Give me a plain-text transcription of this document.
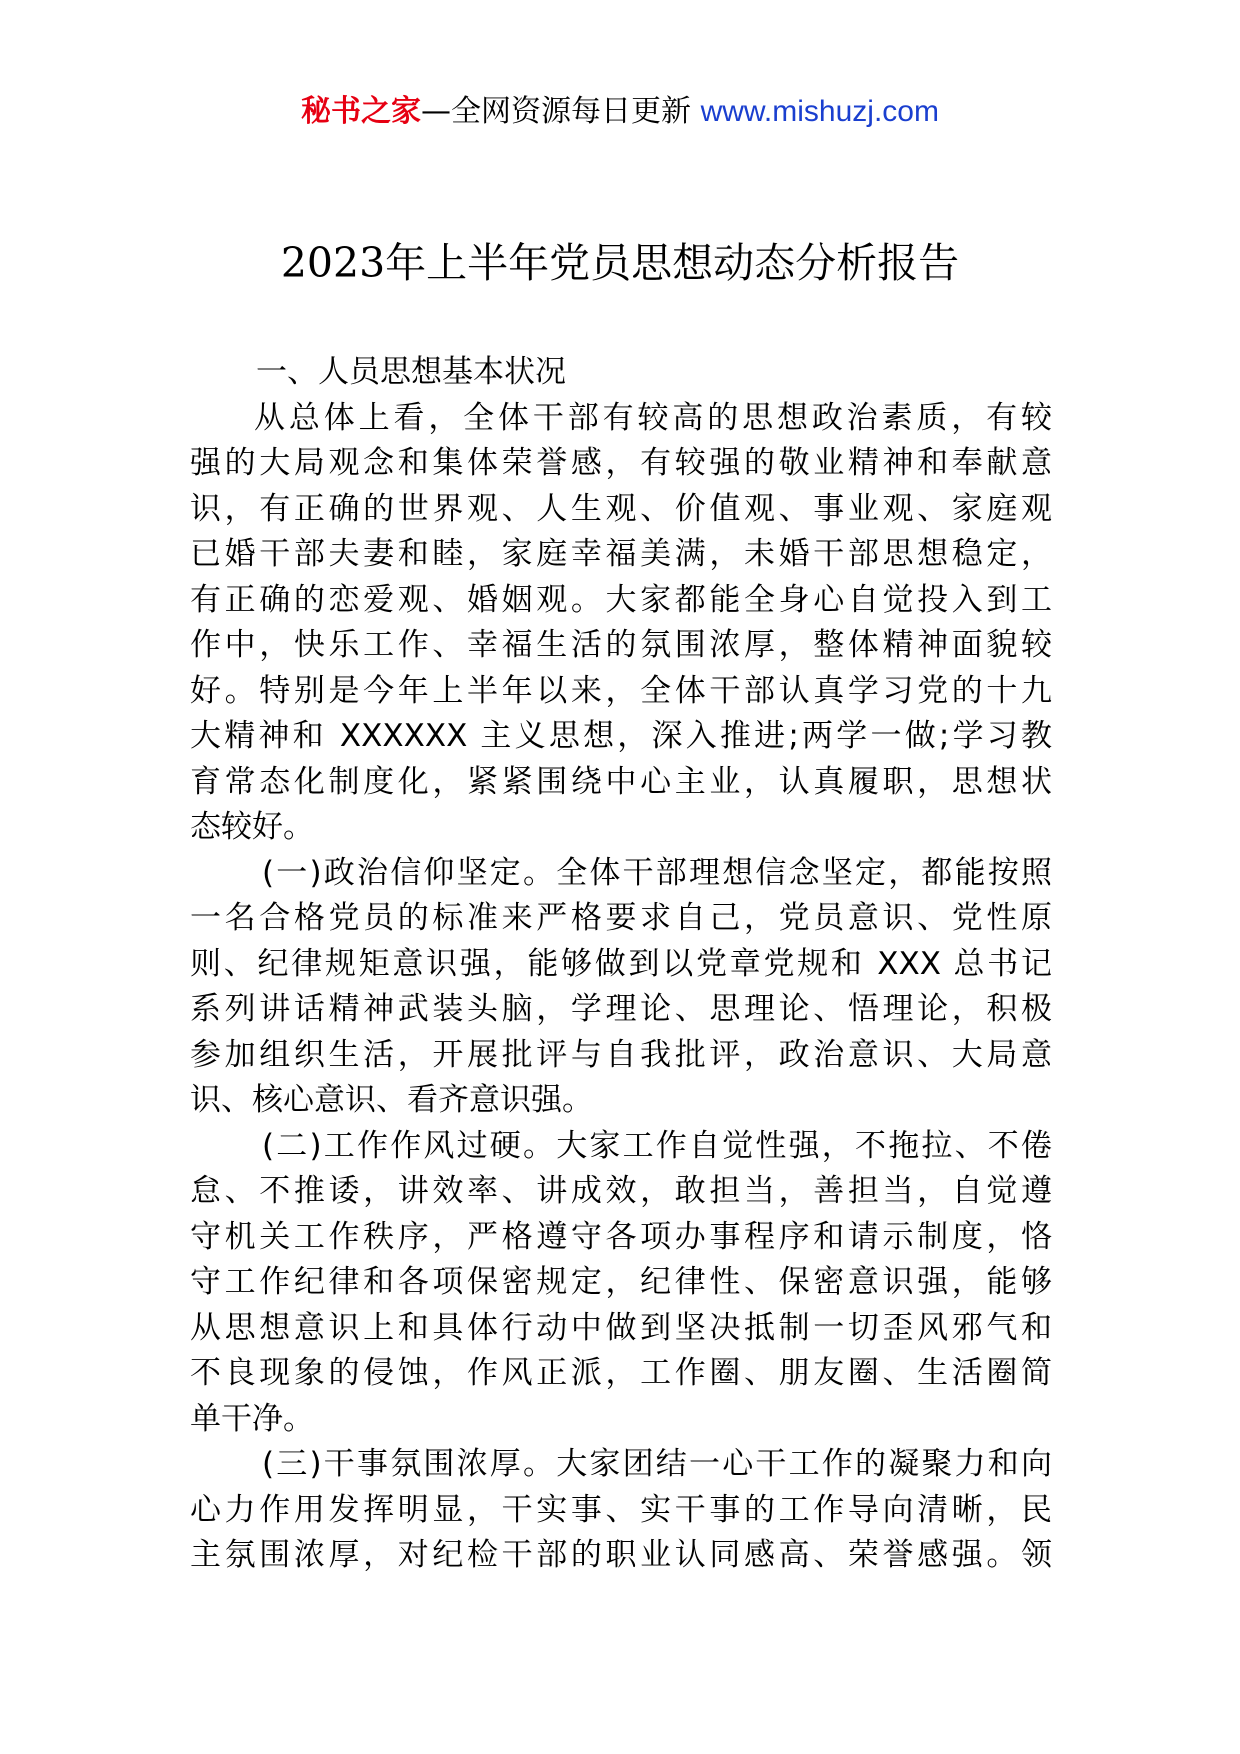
秘书之家—全网资源每日更新 www.mishuzj.com
2023年上半年党员思想动态分析报告
一、人员思想基本状况
从总体上看，全体干部有较高的思想政治素质，有较
强的大局观念和集体荣誉感，有较强的敬业精神和奉献意
识，有正确的世界观、人生观、价值观、事业观、家庭观
已婚干部夫妻和睦，家庭幸福美满，未婚干部思想稳定，
有正确的恋爱观、婚姻观。大家都能全身心自觉投入到工
作中，快乐工作、幸福生活的氛围浓厚，整体精神面貌较
好。特别是今年上半年以来，全体干部认真学习党的十九
大精神和 XXXXXX 主义思想，深入推进;两学一做;学习教
育常态化制度化，紧紧围绕中心主业，认真履职，思想状
态较好。
(一)政治信仰坚定。全体干部理想信念坚定，都能按照
一名合格党员的标准来严格要求自己，党员意识、党性原
则、纪律规矩意识强，能够做到以党章党规和 XXX 总书记
系列讲话精神武装头脑，学理论、思理论、悟理论，积极
参加组织生活，开展批评与自我批评，政治意识、大局意
识、核心意识、看齐意识强。
(二)工作作风过硬。大家工作自觉性强，不拖拉、不倦
怠、不推诿，讲效率、讲成效，敢担当，善担当，自觉遵
守机关工作秩序，严格遵守各项办事程序和请示制度，恪
守工作纪律和各项保密规定，纪律性、保密意识强，能够
从思想意识上和具体行动中做到坚决抵制一切歪风邪气和
不良现象的侵蚀，作风正派，工作圈、朋友圈、生活圈简
单干净。
(三)干事氛围浓厚。大家团结一心干工作的凝聚力和向
心力作用发挥明显，干实事、实干事的工作导向清晰，民
主氛围浓厚，对纪检干部的职业认同感高、荣誉感强。领
